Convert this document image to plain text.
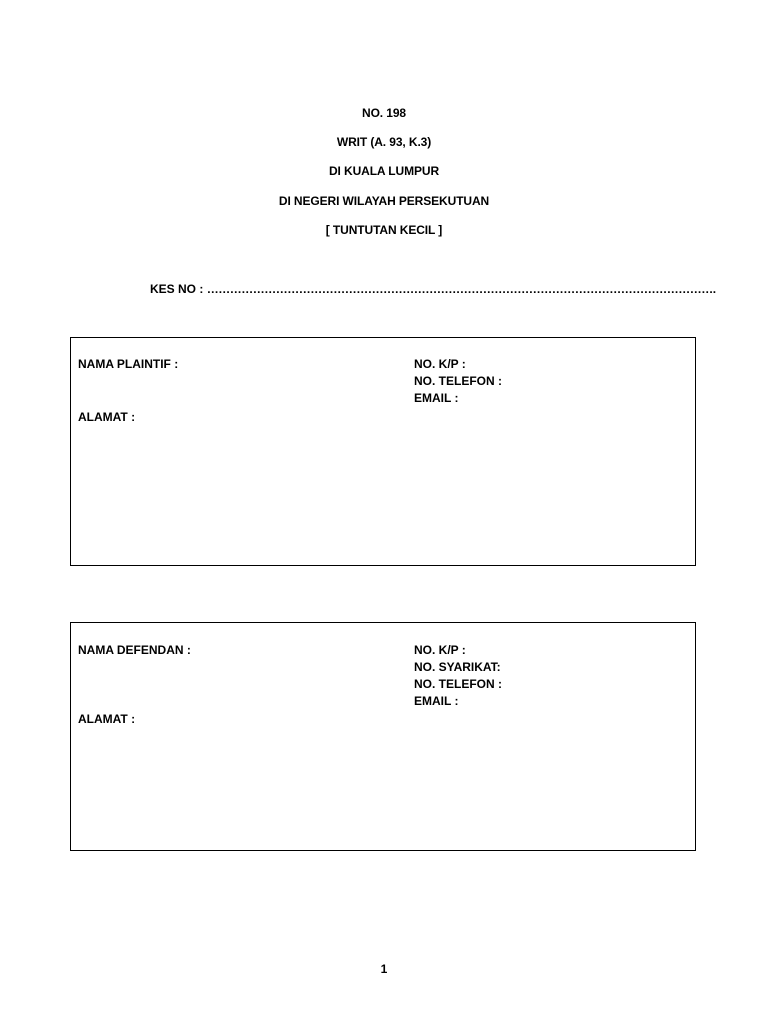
NO. 198
WRIT (A. 93, K.3)
DI KUALA LUMPUR
DI NEGERI WILAYAH PERSEKUTUAN
[ TUNTUTAN KECIL ]
KES NO : …………………………………………………………………………………………………………………….
NAMA PLAINTIF :
ALAMAT :
NO. K/P :
NO. TELEFON :
EMAIL :
NAMA DEFENDAN :
ALAMAT :
NO. K/P :
NO. SYARIKAT:
NO. TELEFON :
EMAIL :
1
